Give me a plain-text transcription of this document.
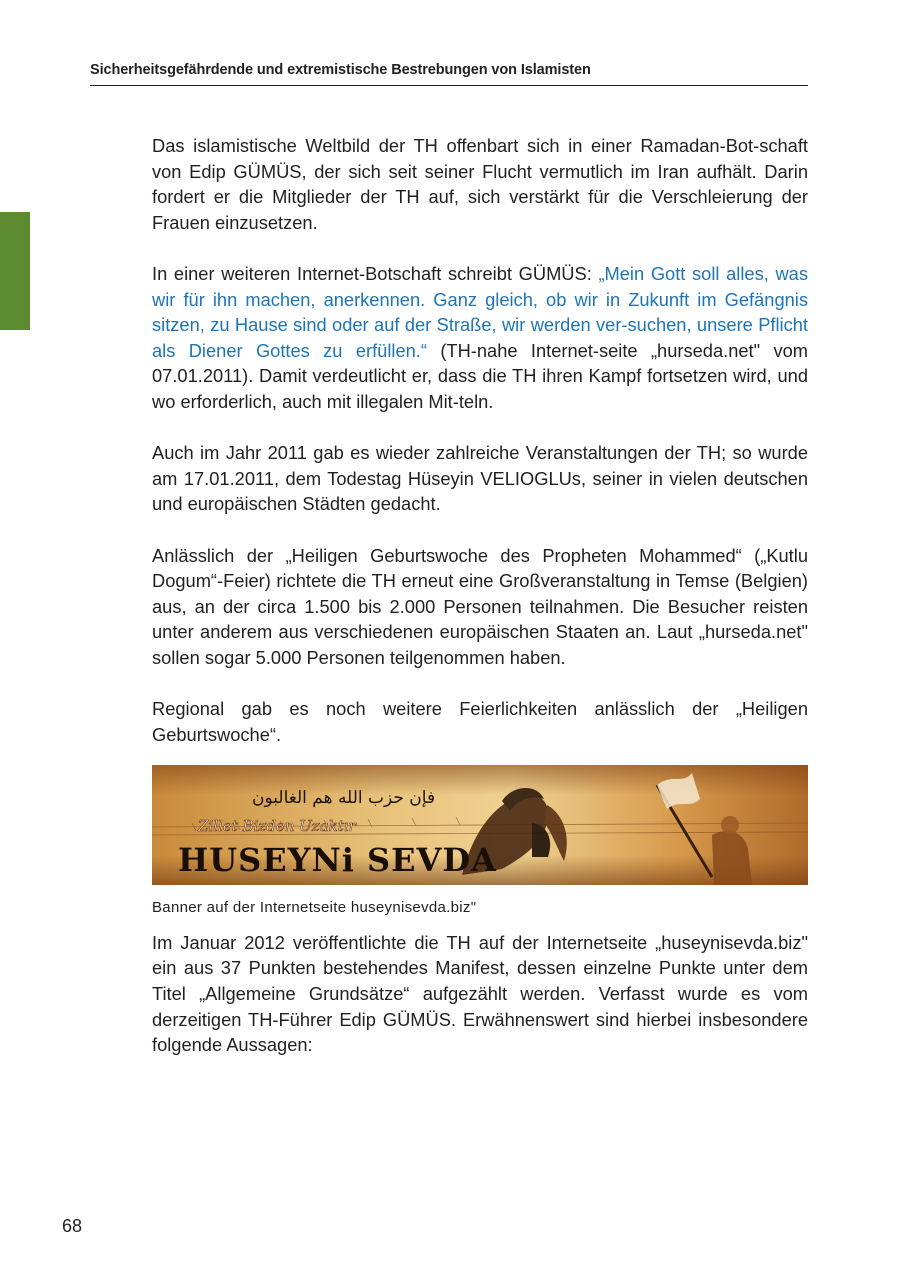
Sicherheitsgefährdende und extremistische Bestrebungen von Islamisten

Das islamistische Weltbild der TH offenbart sich in einer Ramadan-Bot-schaft von Edip GÜMÜS, der sich seit seiner Flucht vermutlich im Iran aufhält. Darin fordert er die Mitglieder der TH auf, sich verstärkt für die Verschleierung der Frauen einzusetzen.

In einer weiteren Internet-Botschaft schreibt GÜMÜS: „Mein Gott soll alles, was wir für ihn machen, anerkennen. Ganz gleich, ob wir in Zukunft im Gefängnis sitzen, zu Hause sind oder auf der Straße, wir werden ver-suchen, unsere Pflicht als Diener Gottes zu erfüllen.“ (TH-nahe Internet-seite „hurseda.net" vom 07.01.2011). Damit verdeutlicht er, dass die TH ihren Kampf fortsetzen wird, und wo erforderlich, auch mit illegalen Mit-teln.

Auch im Jahr 2011 gab es wieder zahlreiche Veranstaltungen der TH; so wurde am 17.01.2011, dem Todestag Hüseyin VELIOGLUs, seiner in vielen deutschen und europäischen Städten gedacht.

Anlässlich der „Heiligen Geburtswoche des Propheten Mohammed“ („Kutlu Dogum“-Feier) richtete die TH erneut eine Großveranstaltung in Temse (Belgien) aus, an der circa 1.500 bis 2.000 Personen teilnahmen. Die Besucher reisten unter anderem aus verschiedenen europäischen Staaten an. Laut „hurseda.net" sollen sogar 5.000 Personen teilgenommen haben.

Regional gab es noch weitere Feierlichkeiten anlässlich der „Heiligen Geburtswoche“.

فإن حزب الله هم الغالبون
Zillet Bizden Uzaktır
HUSEYNi SEVDA
Banner auf der Internetseite huseynisevda.biz"

Im Januar 2012 veröffentlichte die TH auf der Internetseite „huseynisevda.biz" ein aus 37 Punkten bestehendes Manifest, dessen einzelne Punkte unter dem Titel „Allgemeine Grundsätze“ aufgezählt werden. Verfasst wurde es vom derzeitigen TH-Führer Edip GÜMÜS. Erwähnenswert sind hierbei insbesondere folgende Aussagen:

68
